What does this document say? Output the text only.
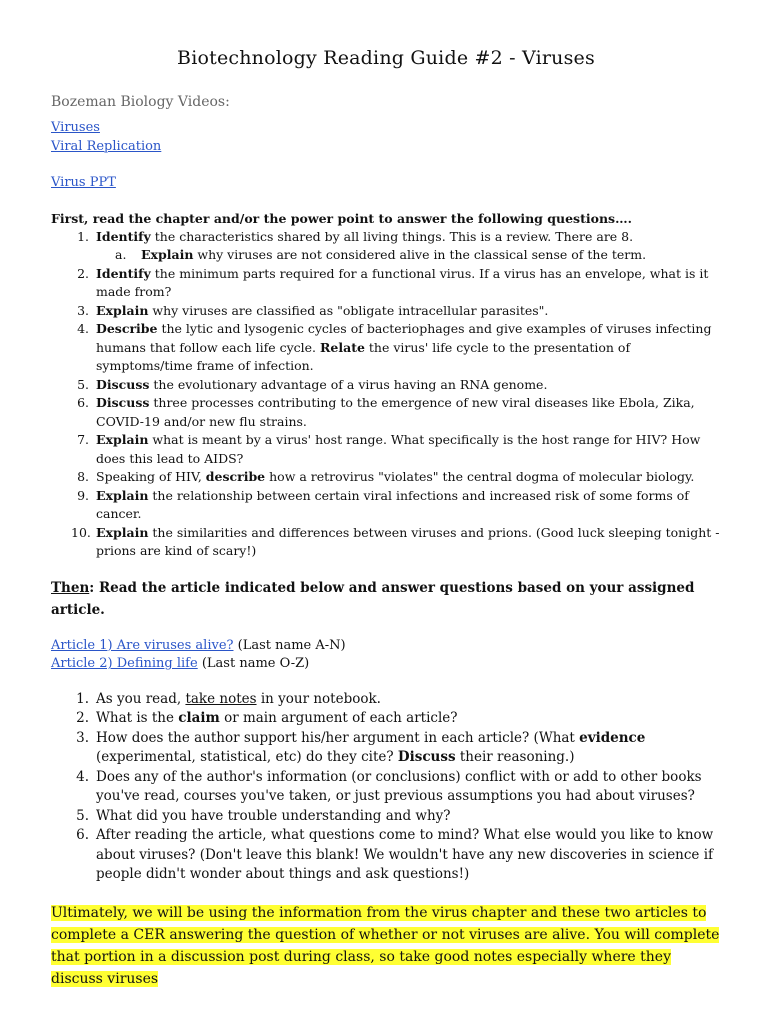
Biotechnology Reading Guide #2 - Viruses
Bozeman Biology Videos:
Viruses
Viral Replication
Virus PPT
First, read the chapter and/or the power point to answer the following questions….
1. Identify the characteristics shared by all living things. This is a review. There are 8.
a.	Explain why viruses are not considered alive in the classical sense of the term.
2. Identify the minimum parts required for a functional virus. If a virus has an envelope, what is it made from?
3. Explain why viruses are classified as "obligate intracellular parasites".
4. Describe the lytic and lysogenic cycles of bacteriophages and give examples of viruses infecting humans that follow each life cycle. Relate the virus' life cycle to the presentation of symptoms/time frame of infection.
5. Discuss the evolutionary advantage of a virus having an RNA genome.
6. Discuss three processes contributing to the emergence of new viral diseases like Ebola, Zika, COVID-19 and/or new flu strains.
7. Explain what is meant by a virus' host range. What specifically is the host range for HIV? How does this lead to AIDS?
8. Speaking of HIV, describe how a retrovirus "violates" the central dogma of molecular biology.
9. Explain the relationship between certain viral infections and increased risk of some forms of cancer.
10. Explain the similarities and differences between viruses and prions. (Good luck sleeping tonight - prions are kind of scary!)
Then: Read the article indicated below and answer questions based on your assigned article.
Article 1) Are viruses alive? (Last name A-N)
Article 2) Defining life (Last name O-Z)
1. As you read, take notes in your notebook.
2. What is the claim or main argument of each article?
3. How does the author support his/her argument in each article? (What evidence (experimental, statistical, etc) do they cite? Discuss their reasoning.)
4. Does any of the author's information (or conclusions) conflict with or add to other books you've read, courses you've taken, or just previous assumptions you had about viruses?
5. What did you have trouble understanding and why?
6. After reading the article, what questions come to mind? What else would you like to know about viruses? (Don't leave this blank! We wouldn't have any new discoveries in science if people didn't wonder about things and ask questions!)
Ultimately, we will be using the information from the virus chapter and these two articles to complete a CER answering the question of whether or not viruses are alive. You will complete that portion in a discussion post during class, so take good notes especially where they discuss viruses
